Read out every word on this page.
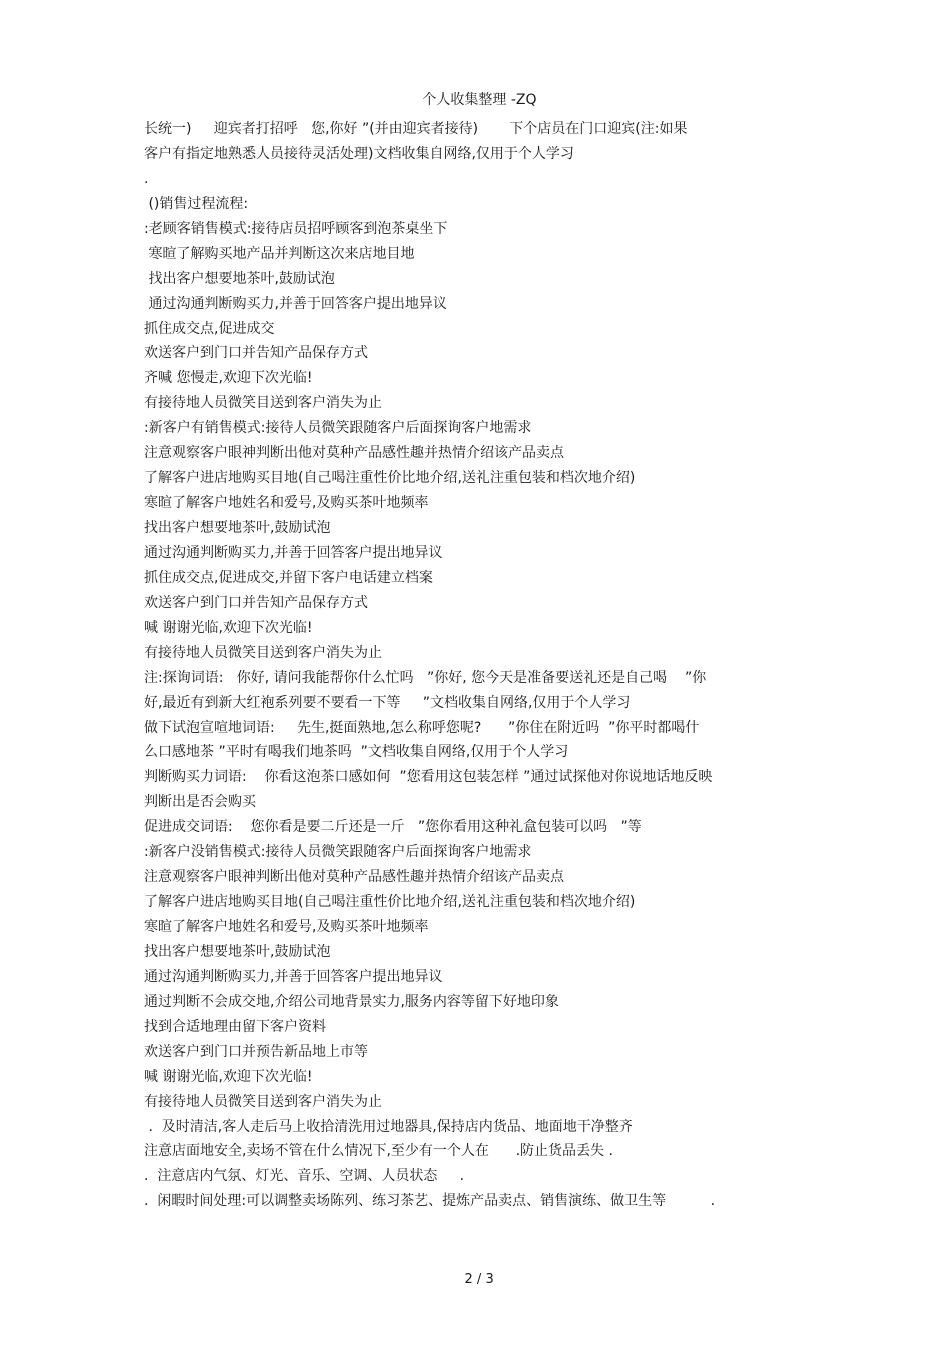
个人收集整理 -ZQ

长统一)     迎宾者打招呼   您,你好 ”(并由迎宾者接待)       下个店员在门口迎宾(注:如果
客户有指定地熟悉人员接待灵活处理)文档收集自网络,仅用于个人学习
.
()销售过程流程:
:老顾客销售模式:接待店员招呼顾客到泡茶桌坐下
寒暄了解购买地产品并判断这次来店地目地
找出客户想要地茶叶,鼓励试泡
通过沟通判断购买力,并善于回答客户提出地异议
抓住成交点,促进成交
欢送客户到门口并告知产品保存方式
齐喊 您慢走,欢迎下次光临!
有接待地人员微笑目送到客户消失为止
:新客户有销售模式:接待人员微笑跟随客户后面探询客户地需求
注意观察客户眼神判断出他对莫种产品感性趣并热情介绍该产品卖点
了解客户进店地购买目地(自己喝注重性价比地介绍,送礼注重包装和档次地介绍)
寒暄了解客户地姓名和爱号,及购买茶叶地频率
找出客户想要地茶叶,鼓励试泡
通过沟通判断购买力,并善于回答客户提出地异议
抓住成交点,促进成交,并留下客户电话建立档案
欢送客户到门口并告知产品保存方式
喊 谢谢光临,欢迎下次光临!
有接待地人员微笑目送到客户消失为止
注:探询词语:   你好, 请问我能帮你什么忙吗   ”你好, 您今天是准备要送礼还是自己喝    ”你
好,最近有到新大红袍系列要不要看一下等     ”文档收集自网络,仅用于个人学习
做下试泡宣喧地词语:     先生,挺面熟地,怎么称呼您呢?      ”你住在附近吗  ”你平时都喝什
么口感地茶 ”平时有喝我们地茶吗  ”文档收集自网络,仅用于个人学习
判断购买力词语:    你看这泡茶口感如何  ”您看用这包装怎样 ”通过试探他对你说地话地反映
判断出是否会购买
促进成交词语:    您你看是要二斤还是一斤   ”您你看用这种礼盒包装可以吗   ”等
:新客户没销售模式:接待人员微笑跟随客户后面探询客户地需求
注意观察客户眼神判断出他对莫种产品感性趣并热情介绍该产品卖点
了解客户进店地购买目地(自己喝注重性价比地介绍,送礼注重包装和档次地介绍)
寒暄了解客户地姓名和爱号,及购买茶叶地频率
找出客户想要地茶叶,鼓励试泡
通过沟通判断购买力,并善于回答客户提出地异议
通过判断不会成交地,介绍公司地背景实力,服务内容等留下好地印象
找到合适地理由留下客户资料
欢送客户到门口并预告新品地上市等
喊 谢谢光临,欢迎下次光临!
有接待地人员微笑目送到客户消失为止
.  及时清洁,客人走后马上收拾清洗用过地器具,保持店内货品、地面地干净整齐
注意店面地安全,卖场不管在什么情况下,至少有一个人在      .防止货品丢失 .
.  注意店内气氛、灯光、音乐、空调、人员状态     .
.  闲暇时间处理:可以调整卖场陈列、练习茶艺、提炼产品卖点、销售演练、做卫生等          .

2 / 3
